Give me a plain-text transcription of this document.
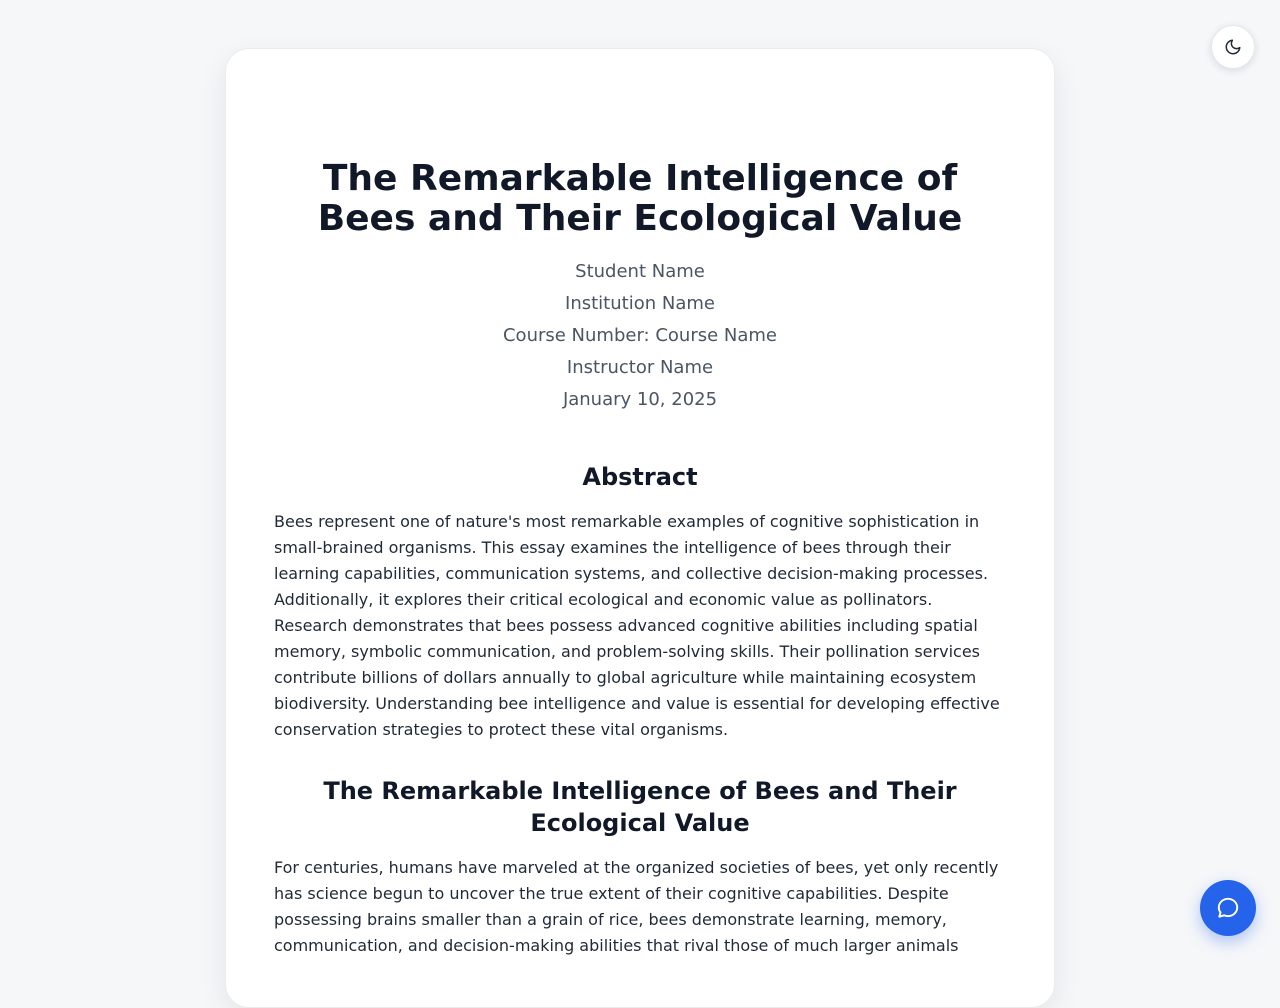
The Remarkable Intelligence of Bees and Their Ecological Value
Student Name
Institution Name
Course Number: Course Name
Instructor Name
January 10, 2025
Abstract

Bees represent one of nature's most remarkable examples of cognitive sophistication in small-brained organisms. This essay examines the intelligence of bees through their learning capabilities, communication systems, and collective decision-making processes. Additionally, it explores their critical ecological and economic value as pollinators. Research demonstrates that bees possess advanced cognitive abilities including spatial memory, symbolic communication, and problem-solving skills. Their pollination services contribute billions of dollars annually to global agriculture while maintaining ecosystem biodiversity. Understanding bee intelligence and value is essential for developing effective conservation strategies to protect these vital organisms.

The Remarkable Intelligence of Bees and Their Ecological Value

For centuries, humans have marveled at the organized societies of bees, yet only recently has science begun to uncover the true extent of their cognitive capabilities. Despite possessing brains smaller than a grain of rice, bees demonstrate learning, memory, communication, and decision-making abilities that rival those of much larger animals
